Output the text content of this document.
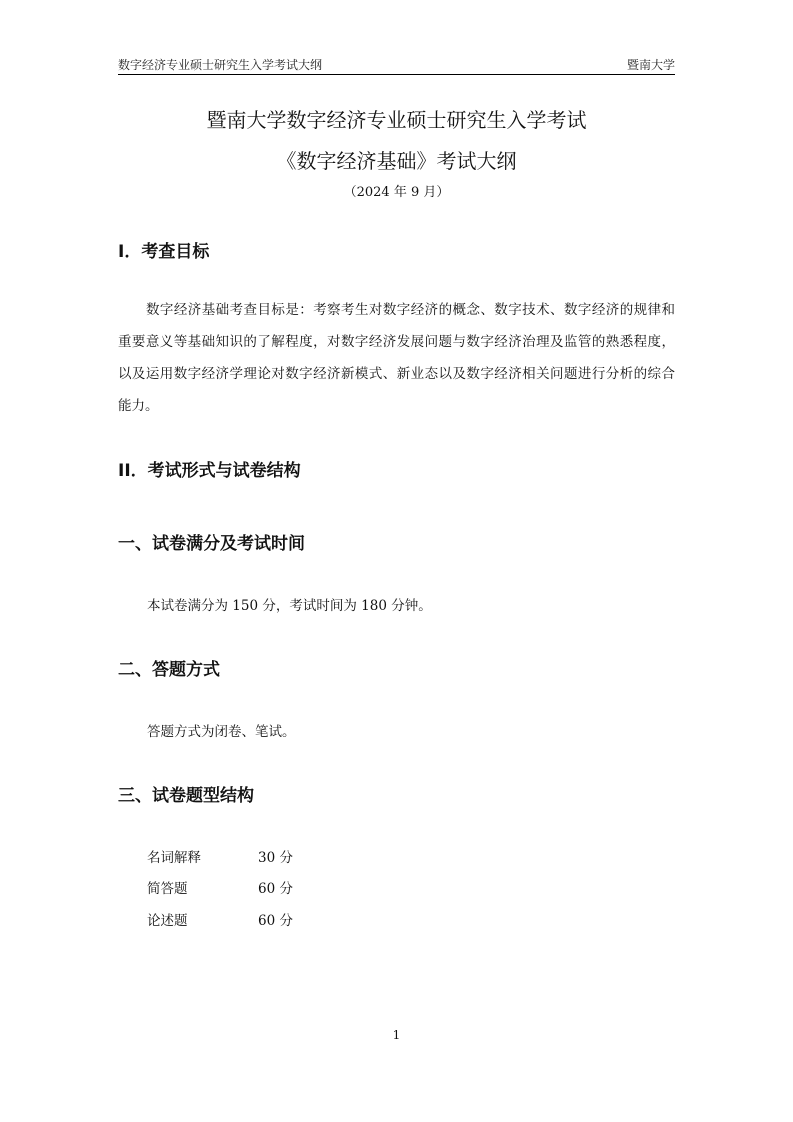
数字经济专业硕士研究生入学考试大纲	暨南大学
暨南大学数字经济专业硕士研究生入学考试
《数字经济基础》考试大纲
（2024 年 9 月）
I．考查目标
数字经济基础考查目标是：考察考生对数字经济的概念、数字技术、数字经济的规律和
重要意义等基础知识的了解程度，对数字经济发展问题与数字经济治理及监管的熟悉程度，
以及运用数字经济学理论对数字经济新模式、新业态以及数字经济相关问题进行分析的综合
能力。
II．考试形式与试卷结构
一、试卷满分及考试时间
本试卷满分为 150 分，考试时间为 180 分钟。
二、答题方式
答题方式为闭卷、笔试。
三、试卷题型结构
名词解释	30 分
简答题	60 分
论述题	60 分
1
